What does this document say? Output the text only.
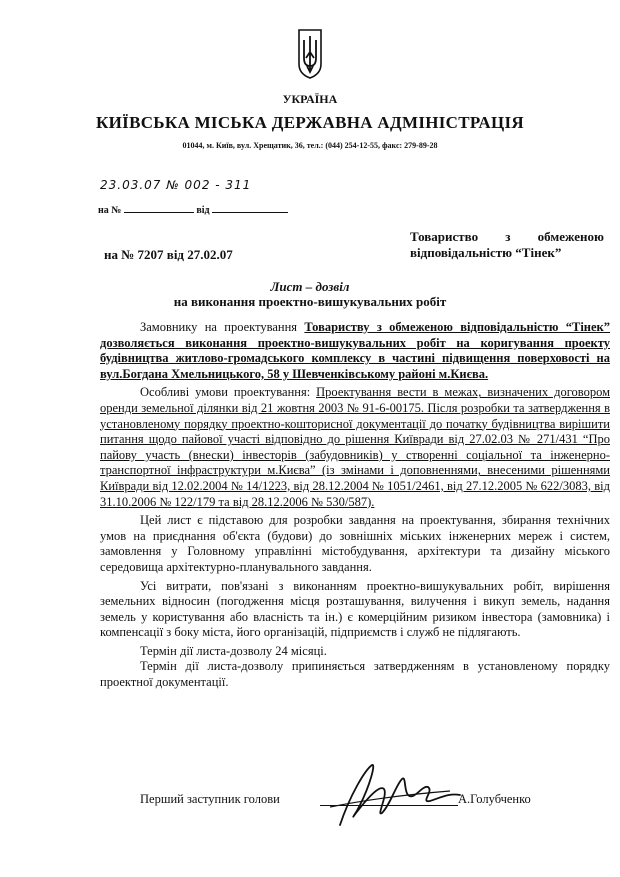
УКРАЇНА
КИЇВСЬКА МІСЬКА ДЕРЖАВНА АДМІНІСТРАЦІЯ
01044, м. Київ, вул. Хрещатик, 36, тел.: (044) 254-12-55, факс: 279-89-28
23.03.07 № 002 - 311
на №	від
на № 7207 від 27.02.07
Товариство з обмеженою
відповідальністю “Тінек”
Лист – дозвіл
на виконання проектно-вишукувальних робіт

Замовнику на проектування Товариству з обмеженою відповідальністю “Тінек” дозволяється виконання проектно-вишукувальних робіт на коригування проекту будівництва житлово-громадського комплексу в частині підвищення поверховості на вул.Богдана Хмельницького, 58 у Шевченківському районі м.Києва.

Особливі умови проектування: Проектування вести в межах, визначених договором оренди земельної ділянки від 21 жовтня 2003 № 91-6-00175. Після розробки та затвердження в установленому порядку проектно-кошторисної документації до початку будівництва вирішити питання щодо пайової участі відповідно до рішення Київради від 27.02.03 № 271/431 “Про пайову участь (внески) інвесторів (забудовників) у створенні соціальної та інженерно-транспортної інфраструктури м.Києва” (із змінами і доповненнями, внесеними рішеннями Київради від 12.02.2004 № 14/1223, від 28.12.2004 № 1051/2461, від 27.12.2005 № 622/3083, від 31.10.2006 № 122/179 та від 28.12.2006 № 530/587).

Цей лист є підставою для розробки завдання на проектування, збирання технічних умов на приєднання об'єкта (будови) до зовнішніх міських інженерних мереж і систем, замовлення у Головному управлінні містобудування, архітектури та дизайну міського середовища архітектурно-планувального завдання.

Усі витрати, пов'язані з виконанням проектно-вишукувальних робіт, вирішення земельних відносин (погодження місця розташування, вилучення і викуп земель, надання земель у користування або власність та ін.) є комерційним ризиком інвестора (замовника) і компенсації з боку міста, його організацій, підприємств і служб не підлягають.

Термін дії листа-дозволу 24 місяці.

Термін дії листа-дозволу припиняється затвердженням в установленому порядку проектної документації.

Перший заступник голови	А.Голубченко
